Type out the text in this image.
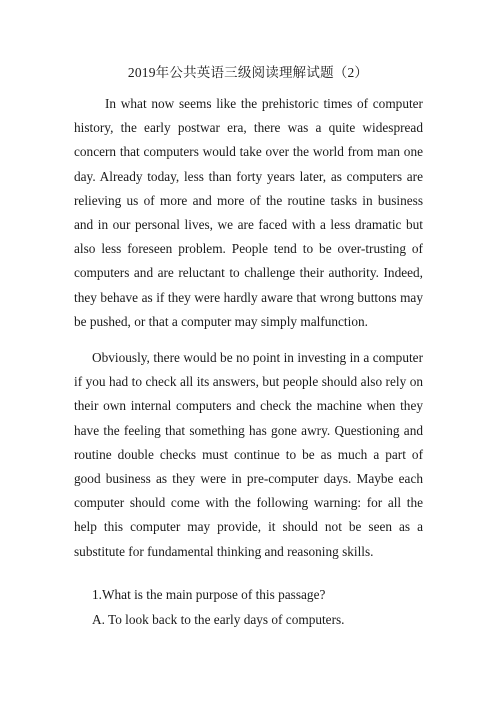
2019年公共英语三级阅读理解试题（2）
In what now seems like the prehistoric times of computer history, the early postwar era, there was a quite widespread concern that computers would take over the world from man one day. Already today, less than forty years later, as computers are relieving us of more and more of the routine tasks in business and in our personal lives, we are faced with a less dramatic but also less foreseen problem. People tend to be over-trusting of computers and are reluctant to challenge their authority. Indeed, they behave as if they were hardly aware that wrong buttons may be pushed, or that a computer may simply malfunction.
Obviously, there would be no point in investing in a computer if you had to check all its answers, but people should also rely on their own internal computers and check the machine when they have the feeling that something has gone awry. Questioning and routine double checks must continue to be as much a part of good business as they were in pre-computer days. Maybe each computer should come with the following warning: for all the help this computer may provide, it should not be seen as a substitute for fundamental thinking and reasoning skills.
1.What is the main purpose of this passage?
A. To look back to the early days of computers.
